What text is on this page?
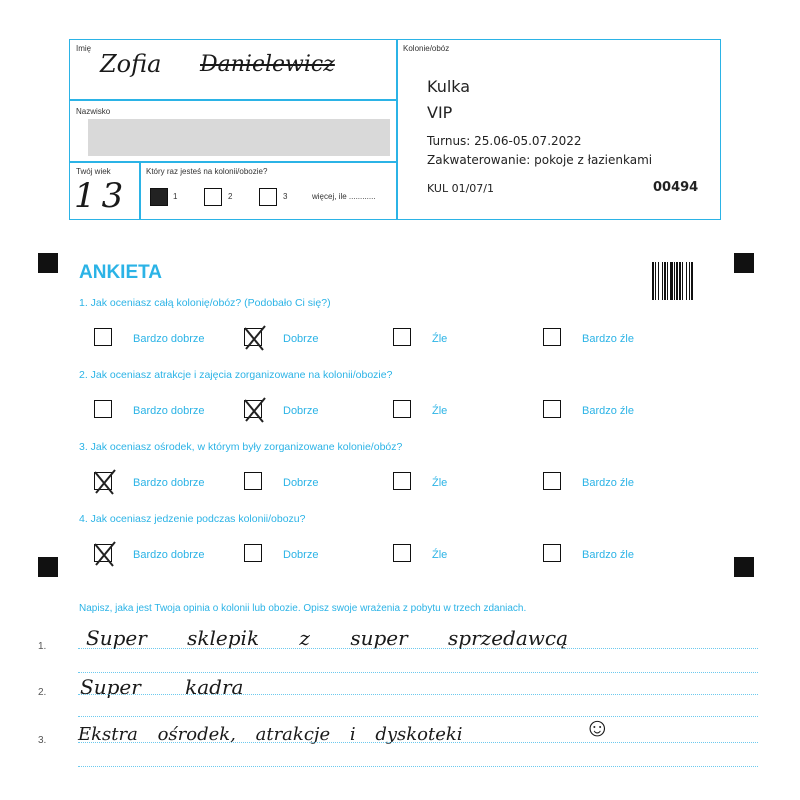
Imię
Zofia Danielewicz
Nazwisko
Twój wiek
13
Który raz jesteś na kolonii/obozie?
1	2	3	więcej, ile ............
Kolonie/obóz
Kulka
VIP
Turnus: 25.06-05.07.2022
Zakwaterowanie: pokoje z łazienkami
KUL 01/07/1	00494
ANKIETA
1. Jak oceniasz całą kolonię/obóz? (Podobało Ci się?)
Bardzo dobrze	Dobrze	Źle	Bardzo źle
2. Jak oceniasz atrakcje i zajęcia zorganizowane na kolonii/obozie?
Bardzo dobrze	Dobrze	Źle	Bardzo źle
3. Jak oceniasz ośrodek, w którym były zorganizowane kolonie/obóz?
Bardzo dobrze	Dobrze	Źle	Bardzo źle
4. Jak oceniasz jedzenie podczas kolonii/obozu?
Bardzo dobrze	Dobrze	Źle	Bardzo źle
Napisz, jaka jest Twoja opinia o kolonii lub obozie. Opisz swoje wrażenia z pobytu w trzech zdaniach.
1. Super sklepik z super sprzedawcą
2. Super kadra
3. Ekstra ośrodek, atrakcje i dyskoteki	☺
